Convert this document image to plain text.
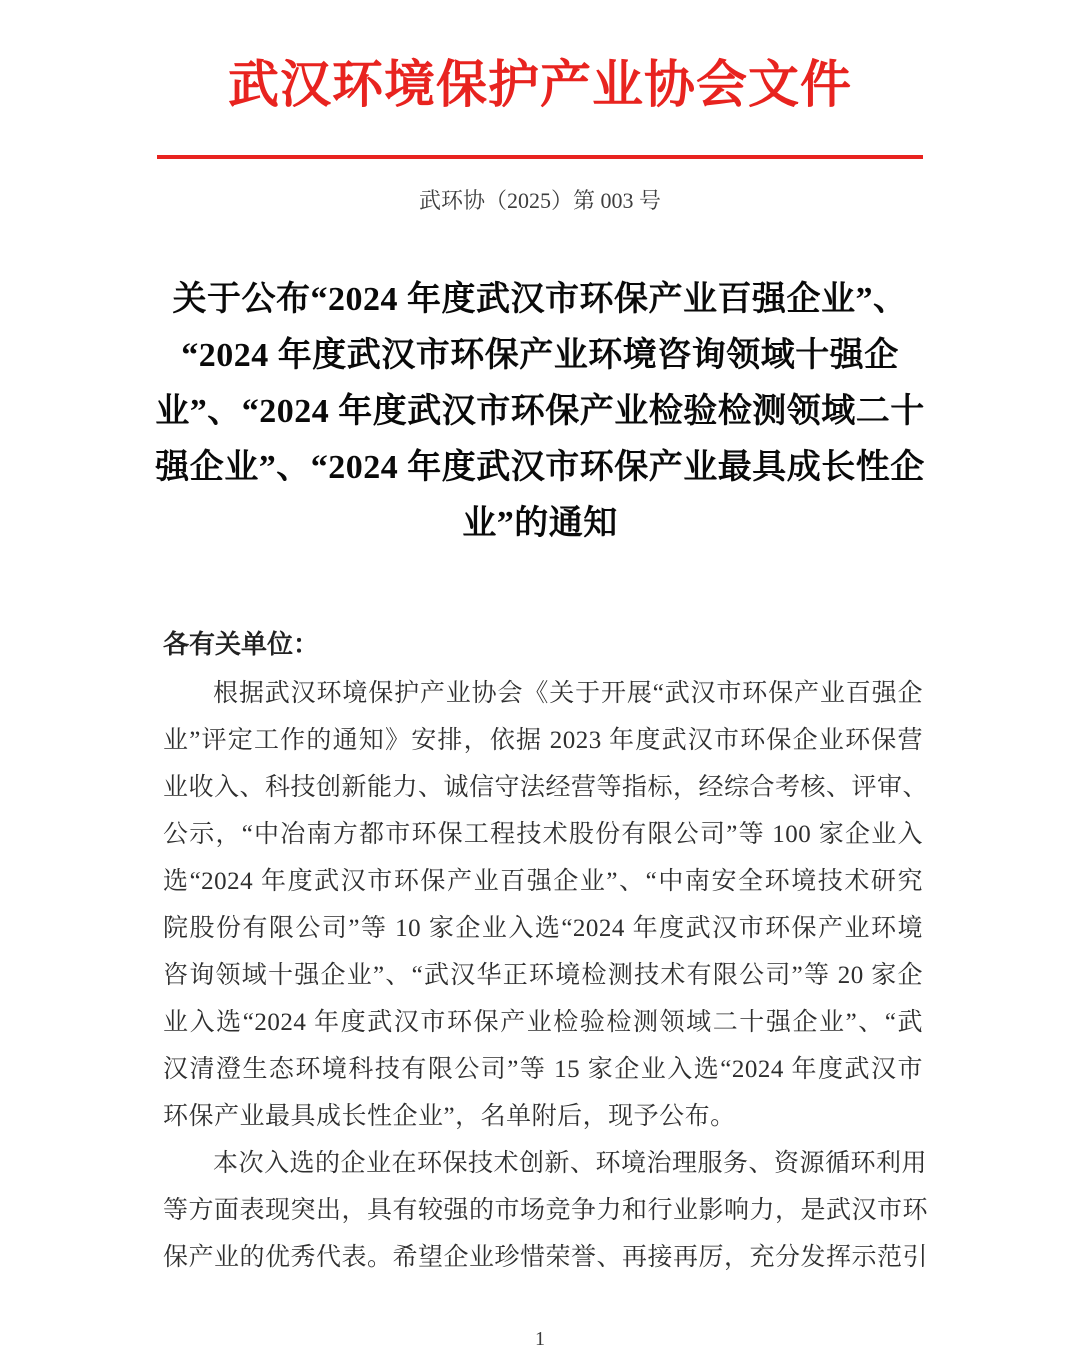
武汉环境保护产业协会文件
武环协（2025）第 003 号
关于公布“2024 年度武汉市环保产业百强企业”、
“2024 年度武汉市环保产业环境咨询领域十强企
业”、“2024 年度武汉市环保产业检验检测领域二十
强企业”、“2024 年度武汉市环保产业最具成长性企
业”的通知
各有关单位：
根据武汉环境保护产业协会《关于开展“武汉市环保产业百强企
业”评定工作的通知》安排，依据 2023 年度武汉市环保企业环保营
业收入、科技创新能力、诚信守法经营等指标，经综合考核、评审、
公示，“中冶南方都市环保工程技术股份有限公司”等 100 家企业入
选“2024 年度武汉市环保产业百强企业”、“中南安全环境技术研究
院股份有限公司”等 10 家企业入选“2024 年度武汉市环保产业环境
咨询领域十强企业”、“武汉华正环境检测技术有限公司”等 20 家企
业入选“2024 年度武汉市环保产业检验检测领域二十强企业”、“武
汉清澄生态环境科技有限公司”等 15 家企业入选“2024 年度武汉市
环保产业最具成长性企业”，名单附后，现予公布。
本次入选的企业在环保技术创新、环境治理服务、资源循环利用
等方面表现突出，具有较强的市场竞争力和行业影响力，是武汉市环
保产业的优秀代表。希望企业珍惜荣誉、再接再厉，充分发挥示范引
1
